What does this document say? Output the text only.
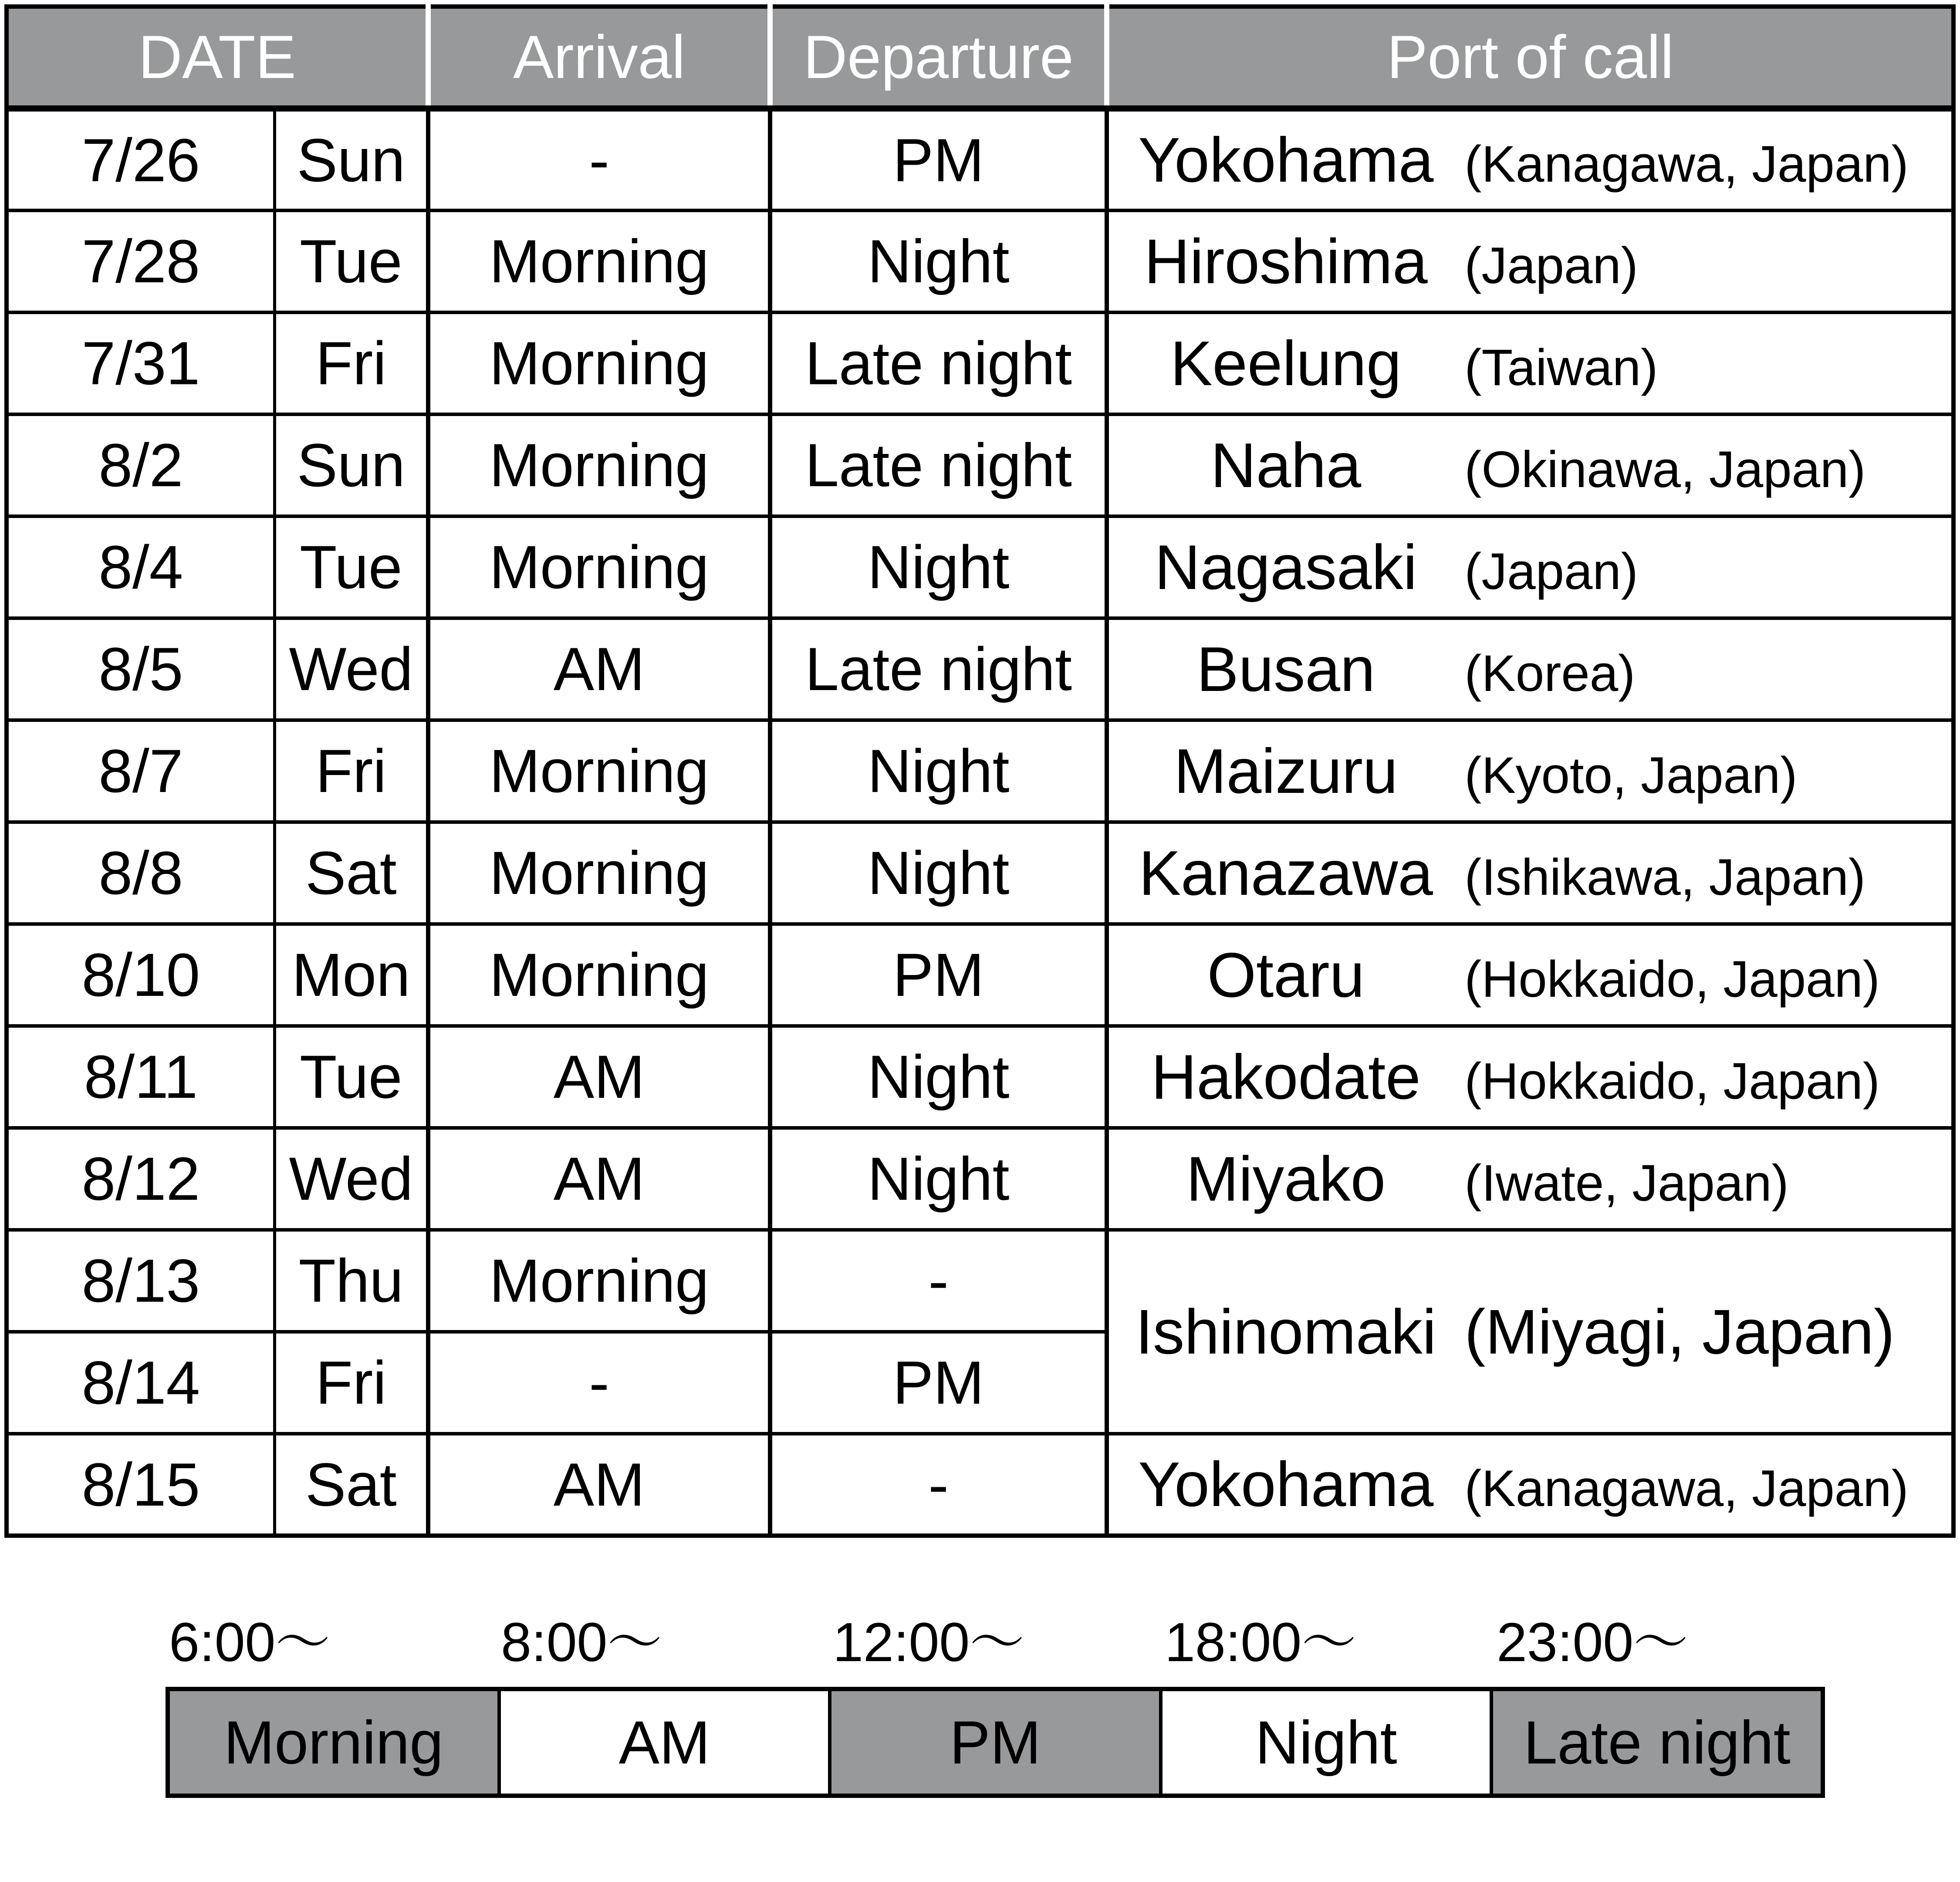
DATE		Arrival	Departure	Port of call
7/26	Sun	-	PM	Yokohama (Kanagawa, Japan)

7/28	Tue	Morning	Night	Hiroshima (Japan)

7/31	Fri	Morning	Late night	Keelung (Taiwan)

8/2	Sun	Morning	Late night	Naha (Okinawa, Japan)

8/4	Tue	Morning	Night	Nagasaki (Japan)

8/5	Wed	AM	Late night	Busan (Korea)

8/7	Fri	Morning	Night	Maizuru (Kyoto, Japan)

8/8	Sat	Morning	Night	Kanazawa (Ishikawa, Japan)

8/10	Mon	Morning	PM	Otaru (Hokkaido, Japan)

8/11	Tue	AM	Night	Hakodate (Hokkaido, Japan)

8/12	Wed	AM	Night	Miyako (Iwate, Japan)

8/13	Thu	Morning	-	Ishinomaki (Miyagi, Japan)

8/14	Fri	-	PM	
8/15	Sat	AM	-	Yokohama (Kanagawa, Japan)
6:00～	8:00～	12:00～	18:00～	23:00～
Morning	AM	PM	Night	Late night
